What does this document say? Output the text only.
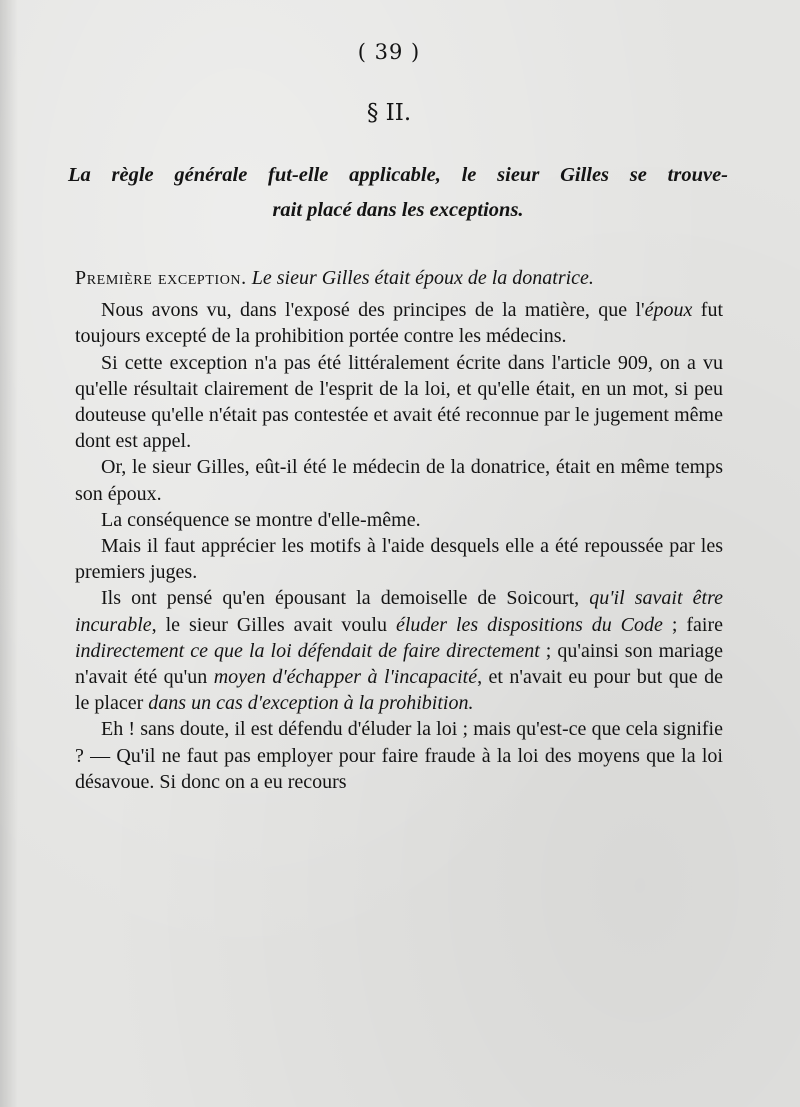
( 39 )
§ II.
La règle générale fut-elle applicable, le sieur Gilles se trouve-
rait placé dans les exceptions.

Première exception. Le sieur Gilles était époux de la donatrice.

Nous avons vu, dans l'exposé des principes de la matière, que l'époux fut toujours excepté de la prohibition portée contre les médecins.

Si cette exception n'a pas été littéralement écrite dans l'article 909, on a vu qu'elle résultait clairement de l'esprit de la loi, et qu'elle était, en un mot, si peu douteuse qu'elle n'était pas contestée et avait été reconnue par le jugement même dont est appel.

Or, le sieur Gilles, eût-il été le médecin de la donatrice, était en même temps son époux.

La conséquence se montre d'elle-même.

Mais il faut apprécier les motifs à l'aide desquels elle a été repoussée par les premiers juges.

Ils ont pensé qu'en épousant la demoiselle de Soicourt, qu'il savait être incurable, le sieur Gilles avait voulu éluder les dispositions du Code ; faire indirectement ce que la loi défendait de faire directement ; qu'ainsi son mariage n'avait été qu'un moyen d'échapper à l'incapacité, et n'avait eu pour but que de le placer dans un cas d'exception à la prohibition.

Eh ! sans doute, il est défendu d'éluder la loi ; mais qu'est-ce que cela signifie ? — Qu'il ne faut pas employer pour faire fraude à la loi des moyens que la loi désavoue. Si donc on a eu recours
